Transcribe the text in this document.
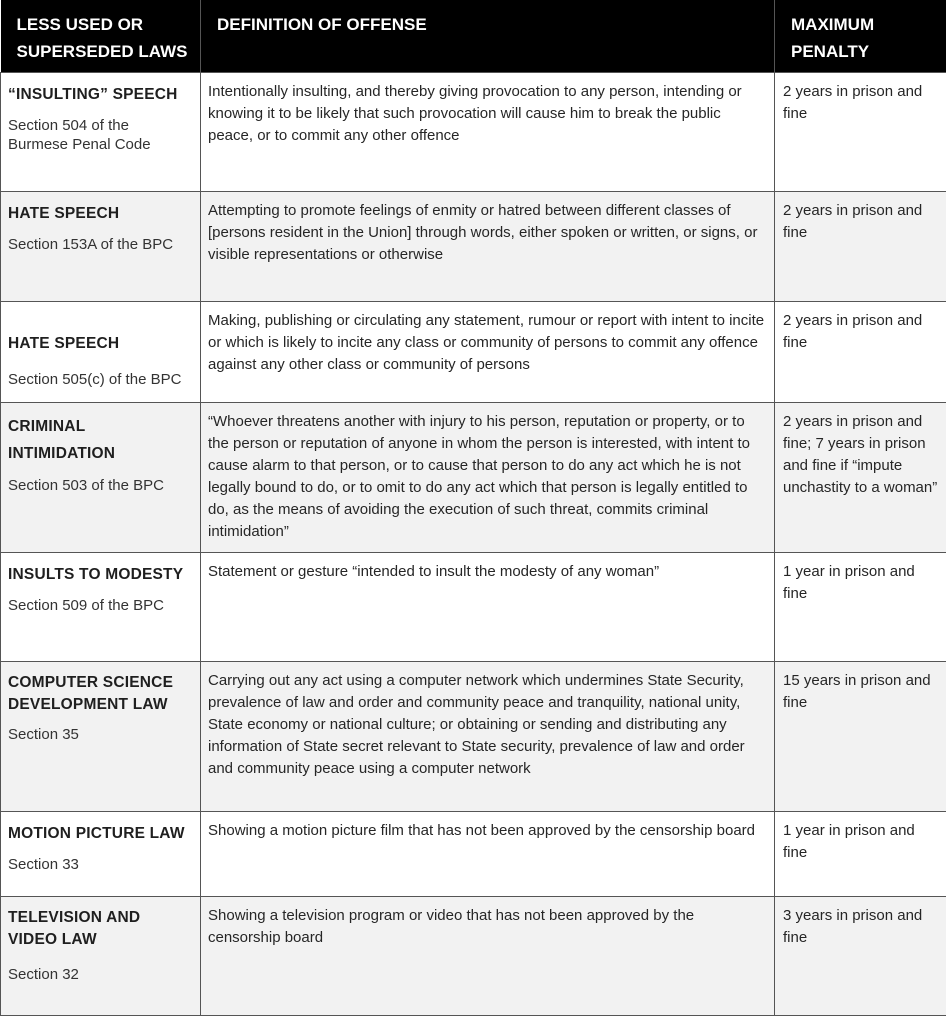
LESS USED OR
SUPERSEDED LAWS	DEFINITION OF OFFENSE	MAXIMUM
PENALTY

“INSULTING” SPEECH
Section 504 of the Burmese Penal Code	Intentionally insulting, and thereby giving provocation to any person, intending or knowing it to be likely that such provocation will cause him to break the public peace, or to commit any other offence	2 years in prison and fine

HATE SPEECH
Section 153A of the BPC	Attempting to promote feelings of enmity or hatred between different classes of [persons resident in the Union] through words, either spoken or written, or signs, or visible representations or otherwise	2 years in prison and fine

HATE SPEECH
Section 505(c) of the BPC	Making, publishing or circulating any statement, rumour or report with intent to incite or which is likely to incite any class or community of persons to commit any offence against any other class or community of persons	2 years in prison and fine

CRIMINAL INTIMIDATION
Section 503 of the BPC	“Whoever threatens another with injury to his person, reputation or property, or to the person or reputation of anyone in whom the person is interested, with intent to cause alarm to that person, or to cause that person to do any act which he is not legally bound to do, or to omit to do any act which that person is legally entitled to do, as the means of avoiding the execution of such threat, commits criminal intimidation”	2 years in prison and fine; 7 years in prison and fine if “impute unchastity to a woman”

INSULTS TO MODESTY
Section 509 of the BPC	Statement or gesture “intended to insult the modesty of any woman”	1 year in prison and fine

COMPUTER SCIENCE DEVELOPMENT LAW
Section 35	Carrying out any act using a computer network which undermines State Security, prevalence of law and order and community peace and tranquility, national unity, State economy or national culture; or obtaining or sending and distributing any information of State secret relevant to State security, prevalence of law and order and community peace using a computer network	15 years in prison and fine

MOTION PICTURE LAW
Section 33	Showing a motion picture film that has not been approved by the censorship board	1 year in prison and fine

TELEVISION AND VIDEO LAW
Section 32	Showing a television program or video that has not been approved by the censorship board	3 years in prison and fine
